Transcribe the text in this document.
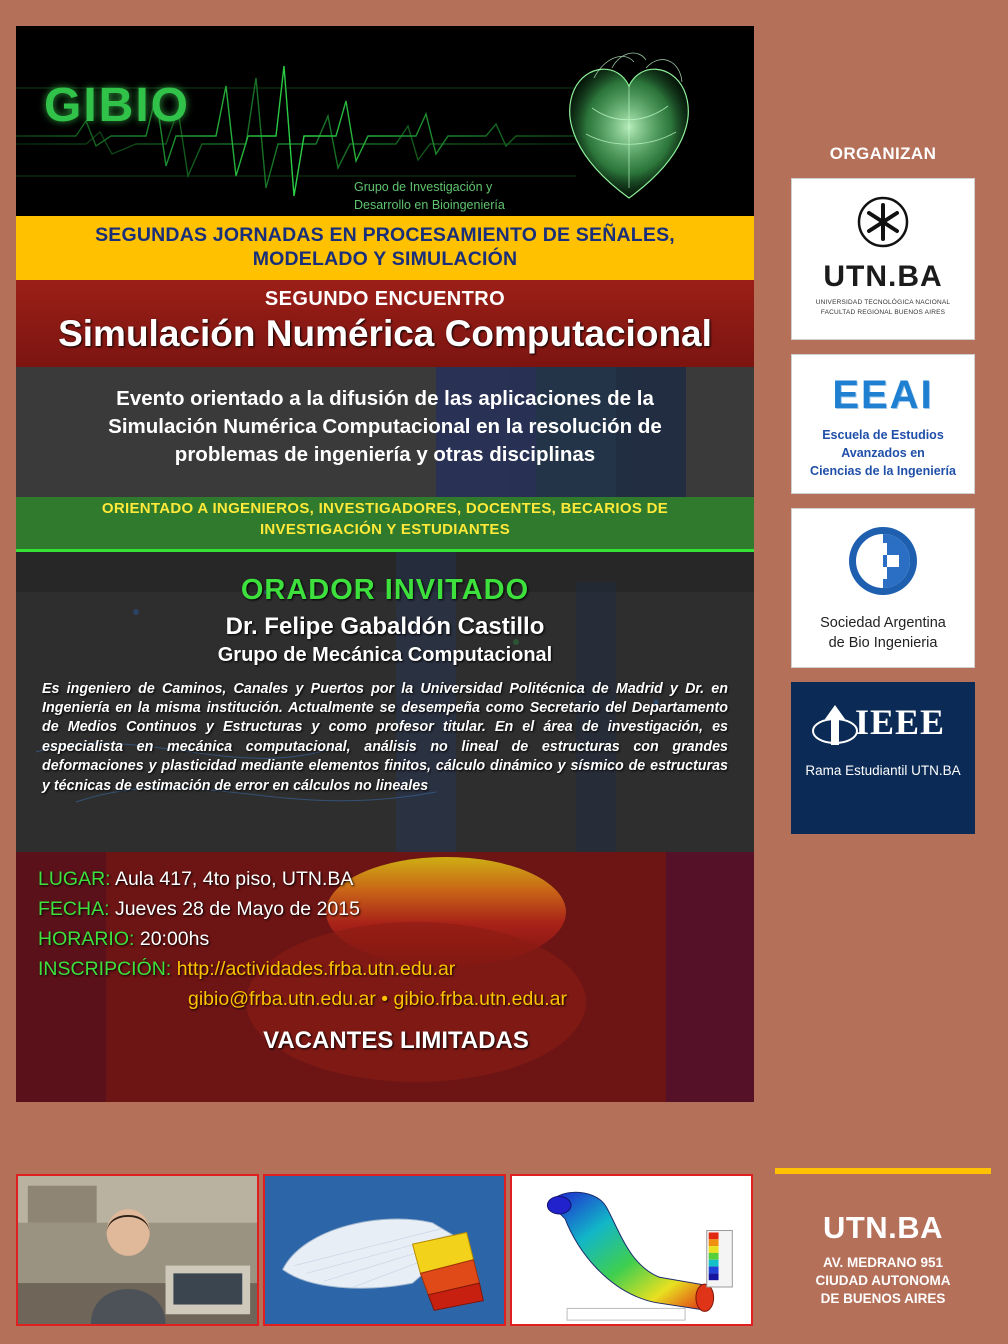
GIBIO
Grupo de Investigación y
Desarrollo en Bioingeniería
SEGUNDAS JORNADAS EN PROCESAMIENTO DE SEÑALES,
MODELADO Y SIMULACIÓN
SEGUNDO ENCUENTRO
Simulación Numérica Computacional
Evento orientado a la difusión de las aplicaciones de la
Simulación Numérica Computacional en la resolución de
problemas de ingeniería y otras disciplinas
ORIENTADO A INGENIEROS, INVESTIGADORES, DOCENTES, BECARIOS DE
INVESTIGACIÓN Y ESTUDIANTES
ORADOR INVITADO
Dr. Felipe Gabaldón Castillo
Grupo de Mecánica Computacional
Es ingeniero de Caminos, Canales y Puertos por la Universidad Politécnica de Madrid y Dr. en Ingeniería en la misma institución. Actualmente se desempeña como Secretario del Departamento de Medios Continuos y Estructuras y como profesor titular. En el área de investigación, es especialista en mecánica computacional, análisis no lineal de estructuras con grandes deformaciones y plasticidad mediante elementos finitos, cálculo dinámico y sísmico de estructuras y técnicas de estimación de error en cálculos no lineales
LUGAR: Aula 417, 4to piso, UTN.BA
FECHA: Jueves 28 de Mayo de 2015
HORARIO: 20:00hs
INSCRIPCIÓN: http://actividades.frba.utn.edu.ar
gibio@frba.utn.edu.ar • gibio.frba.utn.edu.ar
VACANTES LIMITADAS
ORGANIZAN
UTN.BA
UNIVERSIDAD TECNOLÓGICA NACIONAL
FACULTAD REGIONAL BUENOS AIRES
EEAI
Escuela de Estudios
Avanzados en
Ciencias de la Ingeniería
Sociedad Argentina
de Bio Ingenieria
IEEE
Rama Estudiantil UTN.BA
UTN.BA
AV. MEDRANO 951
CIUDAD AUTONOMA
DE BUENOS AIRES
